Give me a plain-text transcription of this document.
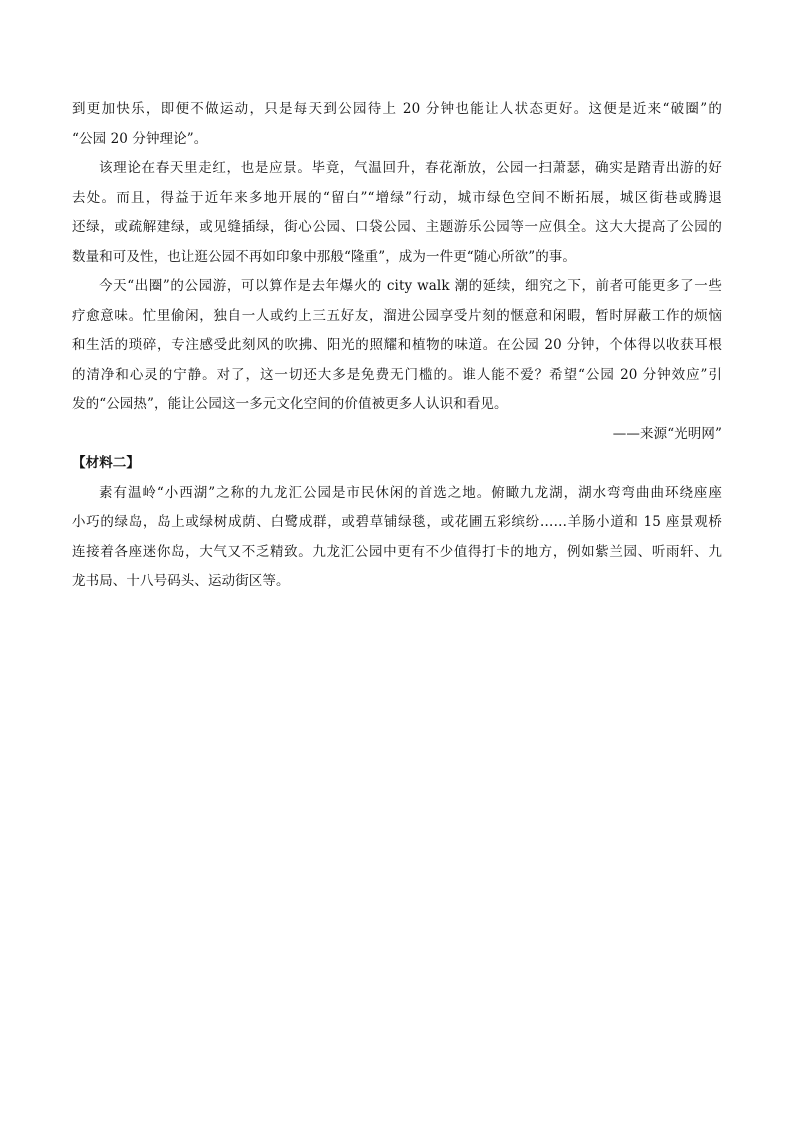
到更加快乐，即便不做运动，只是每天到公园待上 20 分钟也能让人状态更好。这便是近来“破圈”的
“公园 20 分钟理论”。
该理论在春天里走红，也是应景。毕竟，气温回升，春花渐放，公园一扫萧瑟，确实是踏青出游的好
去处。而且，得益于近年来多地开展的“留白”“增绿”行动，城市绿色空间不断拓展，城区街巷或腾退
还绿，或疏解建绿，或见缝插绿，街心公园、口袋公园、主题游乐公园等一应俱全。这大大提高了公园的
数量和可及性，也让逛公园不再如印象中那般“隆重”，成为一件更“随心所欲”的事。
今天“出圈”的公园游，可以算作是去年爆火的 city walk 潮的延续，细究之下，前者可能更多了一些
疗愈意味。忙里偷闲，独自一人或约上三五好友，溜进公园享受片刻的惬意和闲暇，暂时屏蔽工作的烦恼
和生活的琐碎，专注感受此刻风的吹拂、阳光的照耀和植物的味道。在公园 20 分钟，个体得以收获耳根
的清净和心灵的宁静。对了，这一切还大多是免费无门槛的。谁人能不爱？希望“公园 20 分钟效应”引
发的“公园热”，能让公园这一多元文化空间的价值被更多人认识和看见。
——来源“光明网”
【材料二】
素有温岭“小西湖”之称的九龙汇公园是市民休闲的首选之地。俯瞰九龙湖，湖水弯弯曲曲环绕座座
小巧的绿岛，岛上或绿树成荫、白鹭成群，或碧草铺绿毯，或花圃五彩缤纷……羊肠小道和 15 座景观桥
连接着各座迷你岛，大气又不乏精致。九龙汇公园中更有不少值得打卡的地方，例如紫兰园、听雨轩、九
龙书局、十八号码头、运动街区等。
